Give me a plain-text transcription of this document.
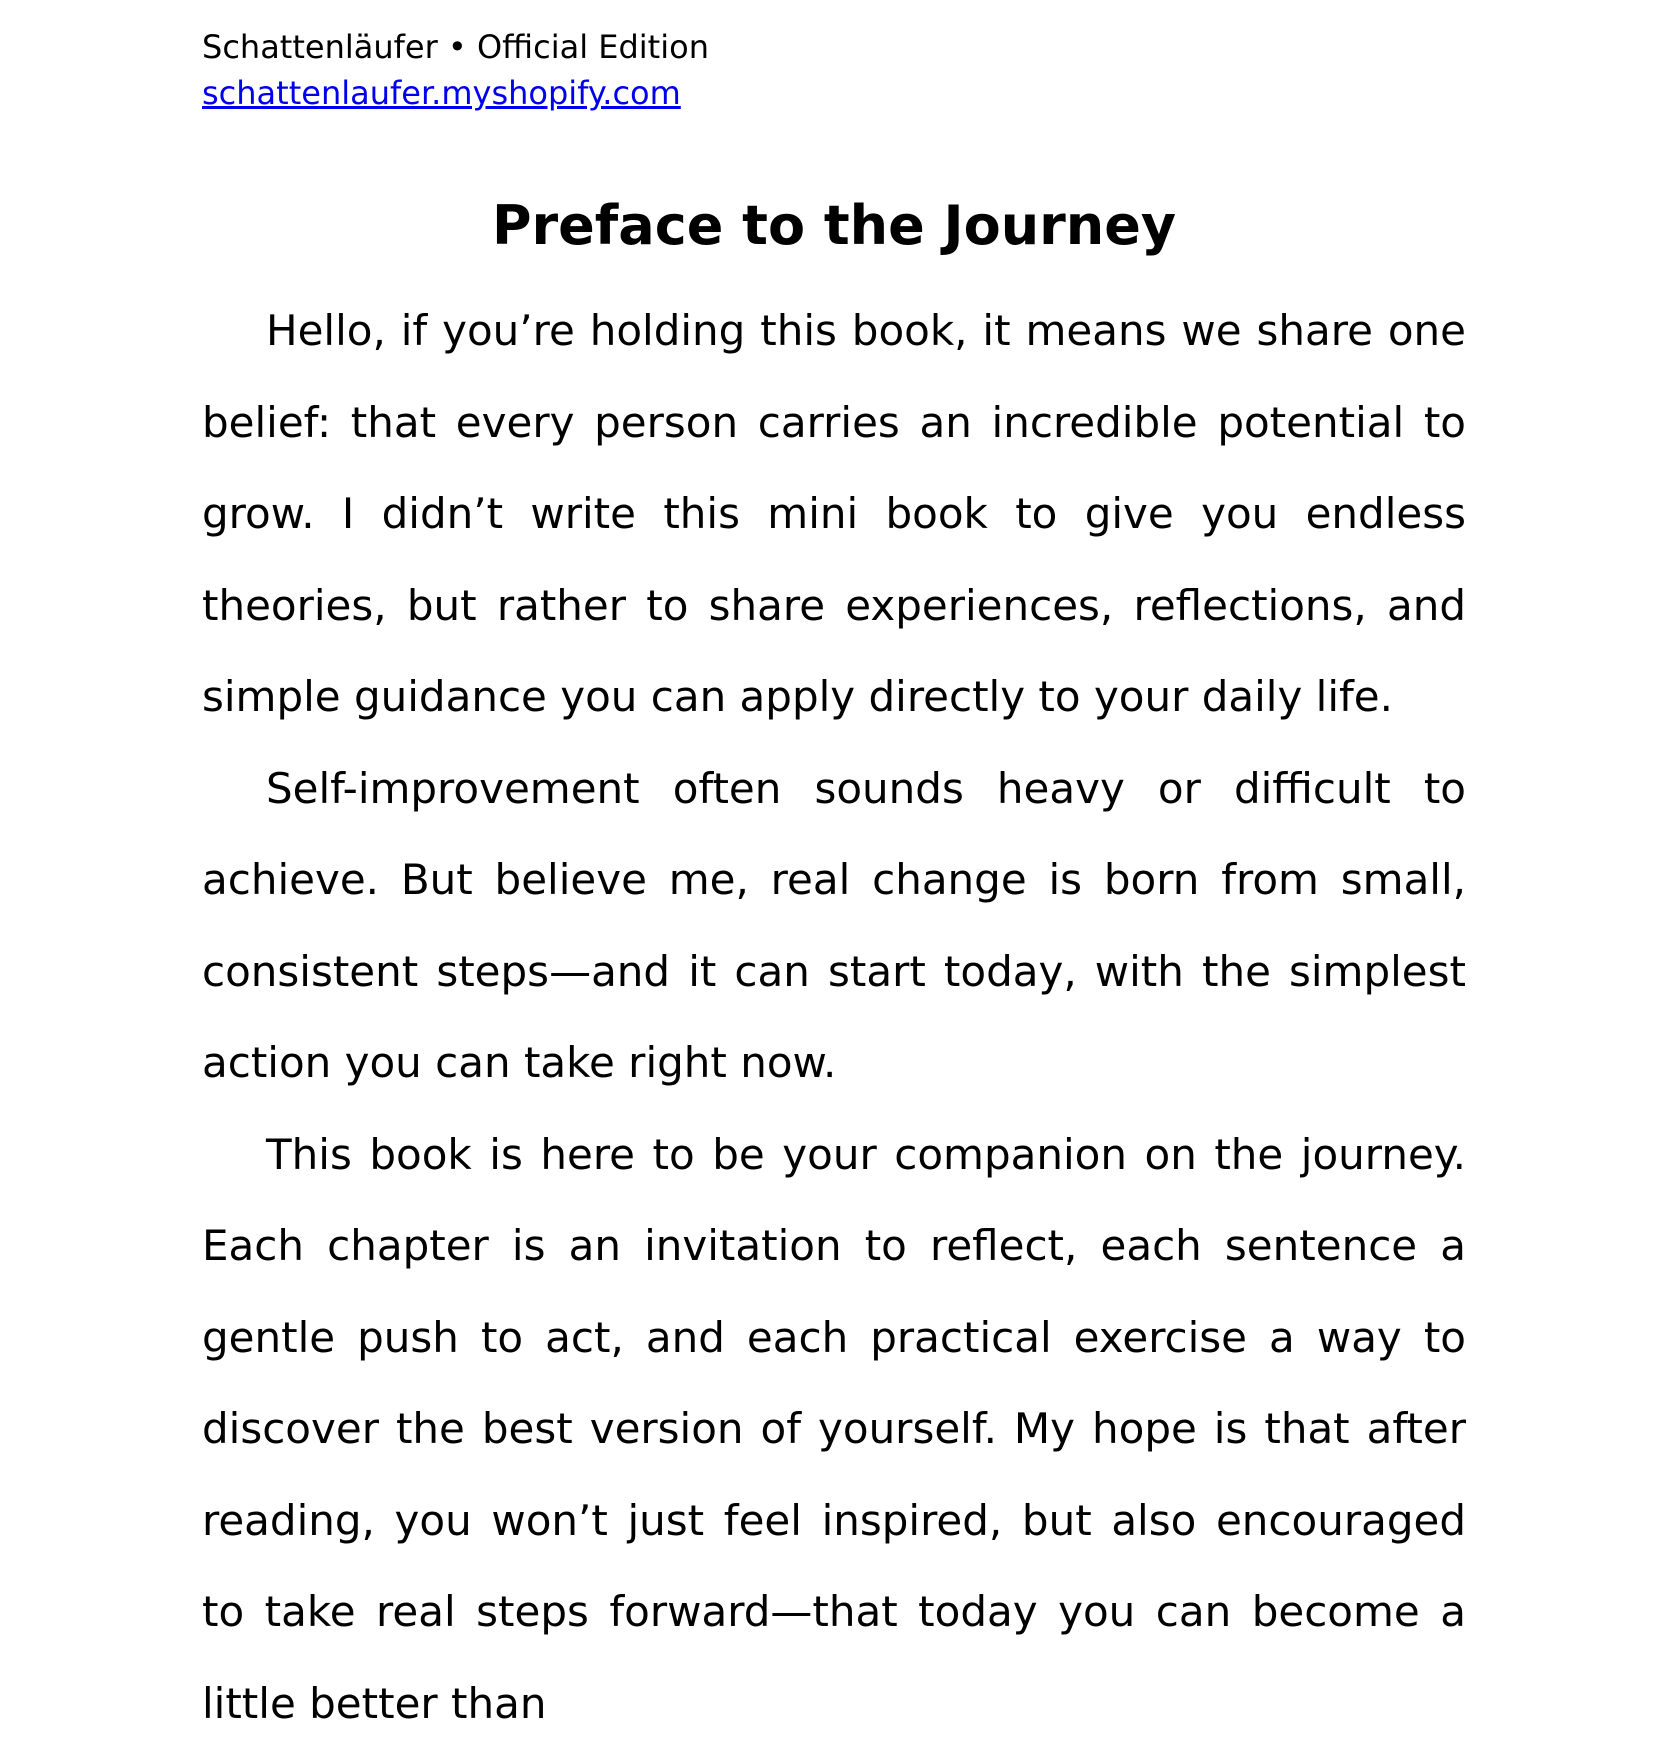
Schattenläufer • Official Edition
schattenlaufer.myshopify.com
Preface to the Journey

Hello, if you’re holding this book, it means we share one belief: that every person carries an incredible potential to grow. I didn’t write this mini book to give you endless theories, but rather to share experiences, reflections, and simple guidance you can apply directly to your daily life.

Self-improvement often sounds heavy or difficult to achieve. But believe me, real change is born from small, consistent steps—and it can start today, with the simplest action you can take right now.

This book is here to be your companion on the journey. Each chapter is an invitation to reflect, each sentence a gentle push to act, and each practical exercise a way to discover the best version of yourself. My hope is that after reading, you won’t just feel inspired, but also encouraged to take real steps forward—that today you can become a little better than
